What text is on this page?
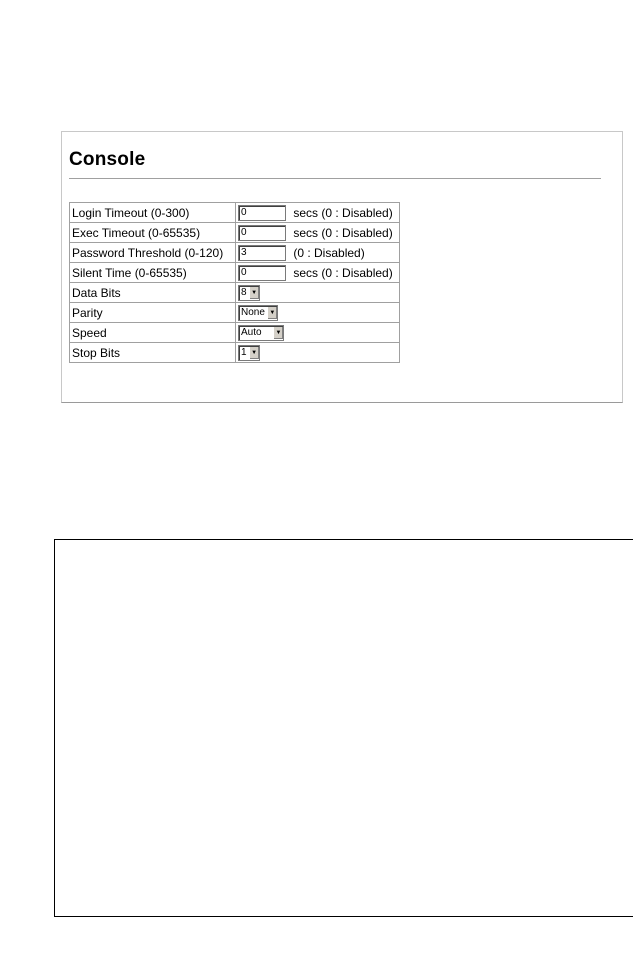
Console
Login Timeout (0-300)	0secs (0 : Disabled)
Exec Timeout (0-65535)	0secs (0 : Disabled)
Password Threshold (0-120)	3(0 : Disabled)
Silent Time (0-65535)	0secs (0 : Disabled)
Data Bits	8 ▼

Parity	None ▼

Speed	Auto ▼

Stop Bits	1 ▼
